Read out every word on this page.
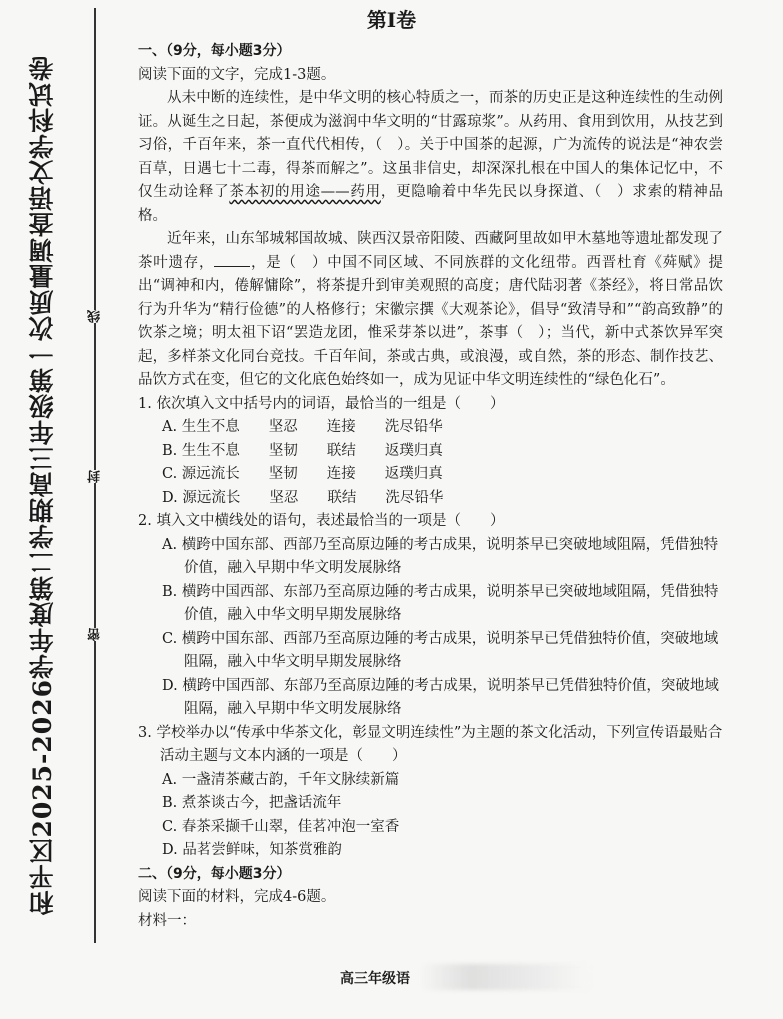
和平区2025-2026学年度第二学期高三年级第一次质量调查语文学科试卷	线
封
密
第I卷
一、（9分，每小题3分）
阅读下面的文字，完成1-3题。
从未中断的连续性，是中华文明的核心特质之一，而茶的历史正是这种连续性的生动例证。从诞生之日起，茶便成为滋润中华文明的“甘露琼浆”。从药用、食用到饮用，从技艺到习俗，千百年来，茶一直代代相传，（　）。关于中国茶的起源，广为流传的说法是“神农尝百草，日遇七十二毒，得茶而解之”。这虽非信史，却深深扎根在中国人的集体记忆中，不仅生动诠释了茶本初的用途——药用，更隐喻着中华先民以身探道、（　）求索的精神品格。
近年来，山东邹城邾国故城、陕西汉景帝阳陵、西藏阿里故如甲木墓地等遗址都发现了茶叶遗存， ，是（　）中国不同区域、不同族群的文化纽带。西晋杜育《荈赋》提出“调神和内，倦解慵除”，将茶提升到审美观照的高度；唐代陆羽著《茶经》，将日常品饮行为升华为“精行俭德”的人格修行；宋徽宗撰《大观茶论》，倡导“致清导和”“韵高致静”的饮茶之境；明太祖下诏“罢造龙团，惟采芽茶以进”，茶事（　）；当代，新中式茶饮异军突起，多样茶文化同台竞技。千百年间，茶或古典，或浪漫，或自然，茶的形态、制作技艺、品饮方式在变，但它的文化底色始终如一，成为见证中华文明连续性的“绿色化石”。
1. 依次填入文中括号内的词语，最恰当的一组是（　　）
A. 生生不息　　坚忍　　连接　　洗尽铅华
B. 生生不息　　坚韧　　联结　　返璞归真
C. 源远流长　　坚韧　　连接　　返璞归真
D. 源远流长　　坚忍　　联结　　洗尽铅华
2. 填入文中横线处的语句，表述最恰当的一项是（　　）
A. 横跨中国东部、西部乃至高原边陲的考古成果，说明茶早已突破地域阻隔，凭借独特价值，融入早期中华文明发展脉络
B. 横跨中国西部、东部乃至高原边陲的考古成果，说明茶早已突破地域阻隔，凭借独特价值，融入中华文明早期发展脉络
C. 横跨中国东部、西部乃至高原边陲的考古成果，说明茶早已凭借独特价值，突破地域阻隔，融入中华文明早期发展脉络
D. 横跨中国西部、东部乃至高原边陲的考古成果，说明茶早已凭借独特价值，突破地域阻隔，融入早期中华文明发展脉络
3. 学校举办以“传承中华茶文化，彰显文明连续性”为主题的茶文化活动，下列宣传语最贴合活动主题与文本内涵的一项是（　　）
A. 一盏清茶藏古韵，千年文脉续新篇
B. 煮茶谈古今，把盏话流年
C. 春茶采撷千山翠，佳茗冲泡一室香
D. 品茗尝鲜味，知茶赏雅韵
二、（9分，每小题3分）
阅读下面的材料，完成4-6题。
材料一：
高三年级语
